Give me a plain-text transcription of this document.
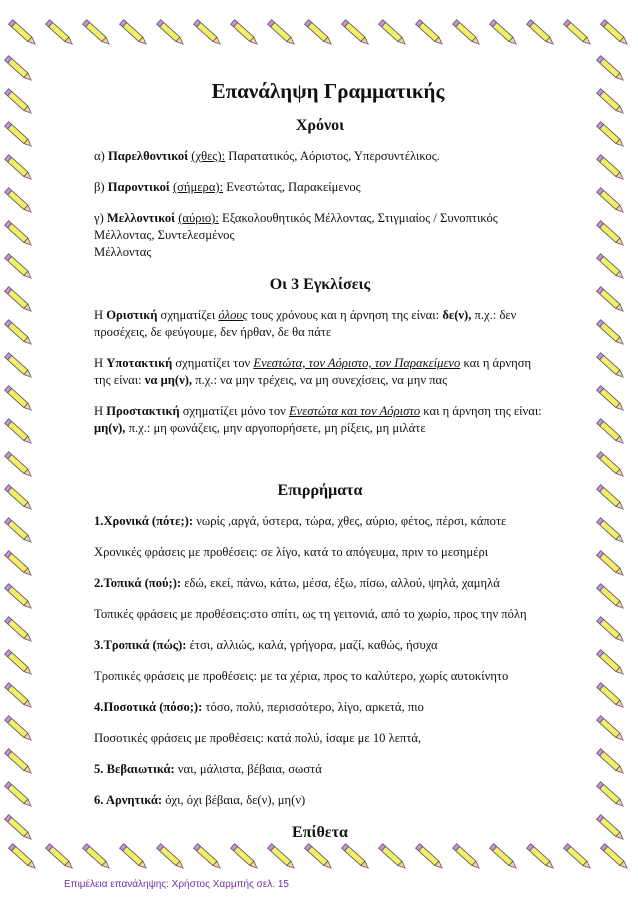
Επανάληψη Γραμματικής
Χρόνοι

α) Παρελθοντικοί (χθες): Παρατατικός, Αόριστος, Υπερσυντέλικος.

β) Παροντικοί (σήμερα): Ενεστώτας, Παρακείμενος

γ) Μελλοντικοί (αύριο): Εξακολουθητικός Μέλλοντας, Στιγμιαίος / Συνοπτικός Μέλλοντας, Συντελεσμένος
Μέλλοντας

Οι 3 Εγκλίσεις

Η Οριστική σχηματίζει όλους τους χρόνους και η άρνηση της είναι: δε(ν), π.χ.: δεν προσέχεις, δε φεύγουμε, δεν ήρθαν, δε θα πάτε

Η Υποτακτική σχηματίζει τον Ενεστώτα, τον Αόριστο, τον Παρακείμενο και η άρνηση της είναι: να μη(ν), π.χ.: να μην τρέχεις, να μη συνεχίσεις, να μην πας

Η Προστακτική σχηματίζει μόνο τον Ενεστώτα και τον Αόριστο και η άρνηση της είναι: μη(ν), π.χ.: μη φωνάζεις, μην αργοπορήσετε, μη ρίξεις, μη μιλάτε

Επιρρήματα

1.Χρονικά (πότε;): νωρίς ,αργά, ύστερα, τώρα, χθες, αύριο, φέτος, πέρσι, κάποτε

Χρονικές φράσεις με προθέσεις: σε λίγο, κατά το απόγευμα, πριν το μεσημέρι

2.Τοπικά (πού;): εδώ, εκεί, πάνω, κάτω, μέσα, έξω, πίσω, αλλού, ψηλά, χαμηλά

Τοπικές φράσεις με προθέσεις:στο σπίτι, ως τη γειτονιά, από το χωρίο, προς την πόλη

3.Τροπικά (πώς): έτσι, αλλιώς, καλά, γρήγορα, μαζί, καθώς, ήσυχα

Τροπικές φράσεις με προθέσεις: με τα χέρια, προς το καλύτερο, χωρίς αυτοκίνητο

4.Ποσοτικά (πόσο;): τόσο, πολύ, περισσότερο, λίγο, αρκετά, πιο

Ποσοτικές φράσεις με προθέσεις: κατά πολύ, ίσαμε με 10 λεπτά,

5. Βεβαιωτικά: ναι, μάλιστα, βέβαια, σωστά

6. Αρνητικά: όχι, όχι βέβαια, δε(ν), μη(ν)

Επίθετα
Επιμέλεια επανάληψης: Χρήστος Χαρμπής σελ. 15
